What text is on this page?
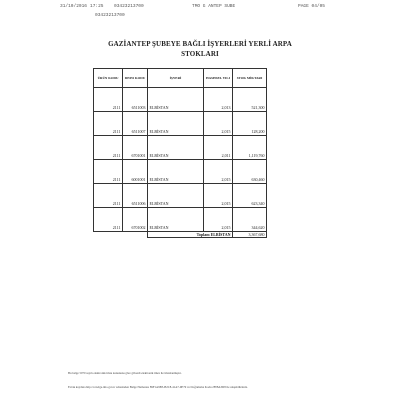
31/10/2016 17:25 03423213700	TMO G ANTEP SUBE	PAGE 04/05
03423213700
GAZİANTEP ŞUBEYE BAĞLI İŞYERLERİ YERLİ ARPA
STOKLARI
ÜRÜN KODU	DEPO KODU	İŞYERİ	HASHSEL YILI	STOK MİKTARI
2111	6511003	ELBİSTAN	2,013	521,300
2111	6511007	ELBİSTAN	2,015	128,200
2111	6701001	ELBİSTAN	2,011	1,119,760
2111	6001001	ELBİSTAN	2,015	630,460
2111	6511006	ELBİSTAN	2,015	623,340
2111	6701002	ELBİSTAN	2,015	344,620
		Toplam ELBİSTAN		3,367,680
Bu belge 5070 sayılı elektronik imza kanununa göre güvenli elektronik imza ile imzalanmıştır.
Evrak kaydına http://e-belge.tmo.gov.tr adresinden Belge Numarası 89F1A9B5-B2C8-41A7-9E79 ve Doğrulama Kodu 2F08A3D8 ile ulaşabilirsiniz.
